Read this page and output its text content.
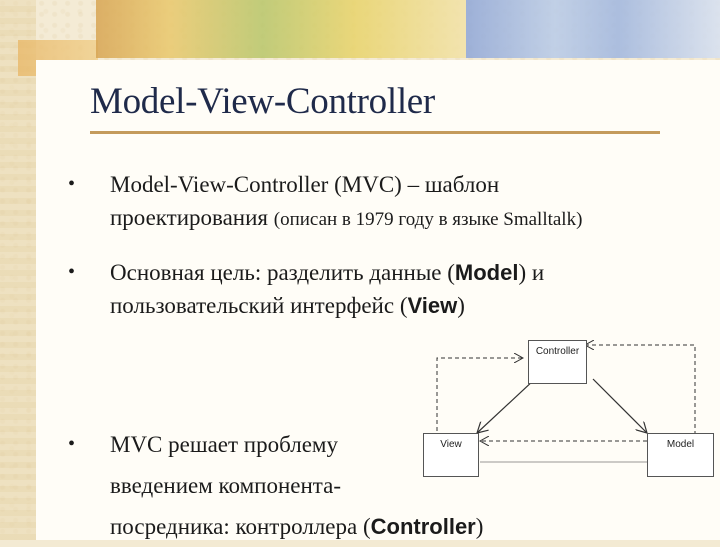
Model-View-Controller
• Model-View-Controller (MVC) – шаблон
проектирования (описан в 1979 году в языке Smalltalk)
• Основная цель: разделить данные (Model) и
пользовательский интерфейс (View)
• MVC решает проблему
введением компонента-
посредника: контроллера (Controller)
Controller
View	Model
